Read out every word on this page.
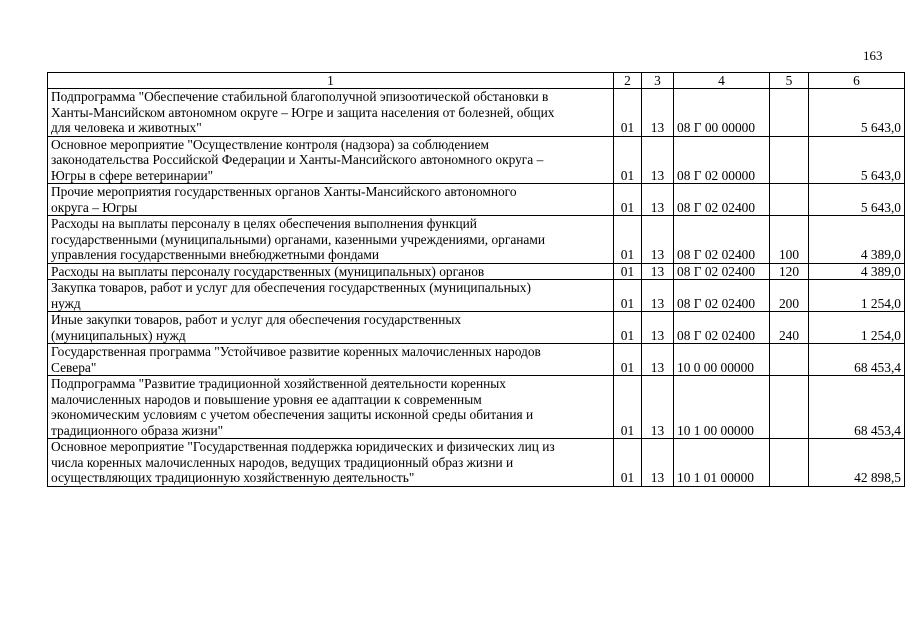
163
1	2	3	4	5	6
Подпрограмма "Обеспечение стабильной благополучной эпизоотической обстановки в
Ханты-Мансийском автономном округе – Югре и защита населения от болезней, общих
для человека и животных"	01	13	08 Г 00 00000		5 643,0
Основное мероприятие "Осуществление контроля (надзора) за соблюдением
законодательства Российской Федерации и Ханты-Мансийского автономного округа –
Югры в сфере ветеринарии"	01	13	08 Г 02 00000		5 643,0
Прочие мероприятия государственных органов Ханты-Мансийского автономного
округа – Югры	01	13	08 Г 02 02400		5 643,0
Расходы на выплаты персоналу в целях обеспечения выполнения функций
государственными (муниципальными) органами, казенными учреждениями, органами
управления государственными внебюджетными фондами	01	13	08 Г 02 02400	100	4 389,0
Расходы на выплаты персоналу государственных (муниципальных) органов	01	13	08 Г 02 02400	120	4 389,0
Закупка товаров, работ и услуг для обеспечения государственных (муниципальных)
нужд	01	13	08 Г 02 02400	200	1 254,0
Иные закупки товаров, работ и услуг для обеспечения государственных
(муниципальных) нужд	01	13	08 Г 02 02400	240	1 254,0
Государственная программа "Устойчивое развитие коренных малочисленных народов
Севера"	01	13	10 0 00 00000		68 453,4
Подпрограмма "Развитие традиционной хозяйственной деятельности коренных
малочисленных народов и повышение уровня ее адаптации к современным
экономическим условиям с учетом обеспечения защиты исконной среды обитания и
традиционного образа жизни"	01	13	10 1 00 00000		68 453,4
Основное мероприятие "Государственная поддержка юридических и физических лиц из
числа коренных малочисленных народов, ведущих традиционный образ жизни и
осуществляющих традиционную хозяйственную деятельность"	01	13	10 1 01 00000		42 898,5
